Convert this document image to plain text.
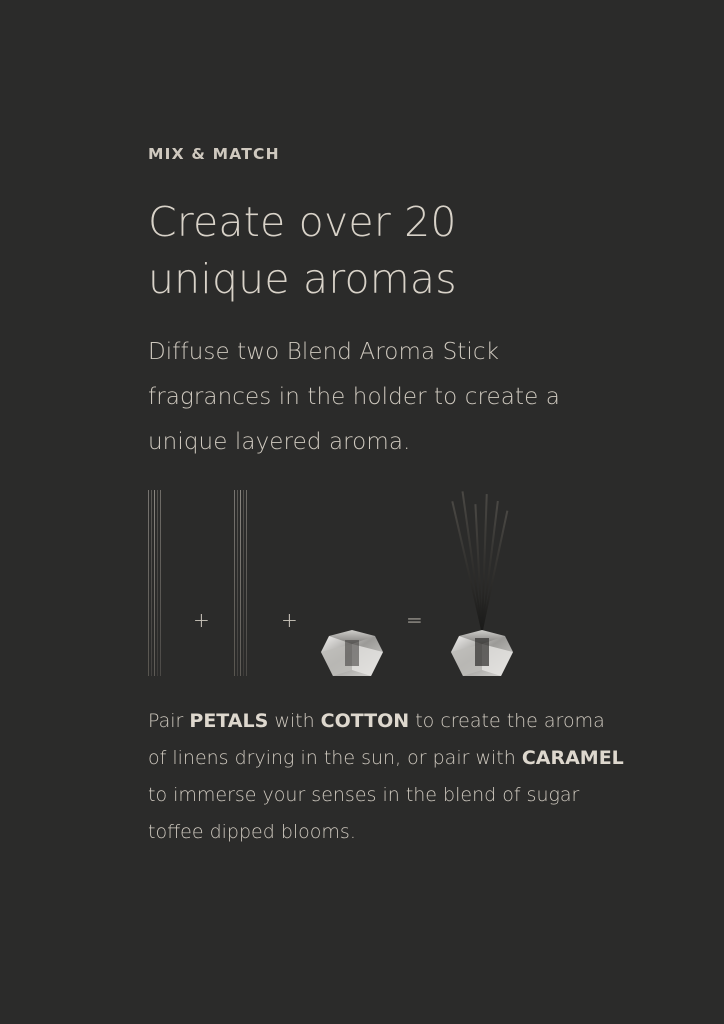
MIX & MATCH
Create over 20 unique aromas
Diffuse two Blend Aroma Stick fragrances in the holder to create a unique layered aroma.
+	+	=
Pair PETALS with COTTON to create the aroma of linens drying in the sun, or pair with CARAMEL to immerse your senses in the blend of sugar toffee dipped blooms.
